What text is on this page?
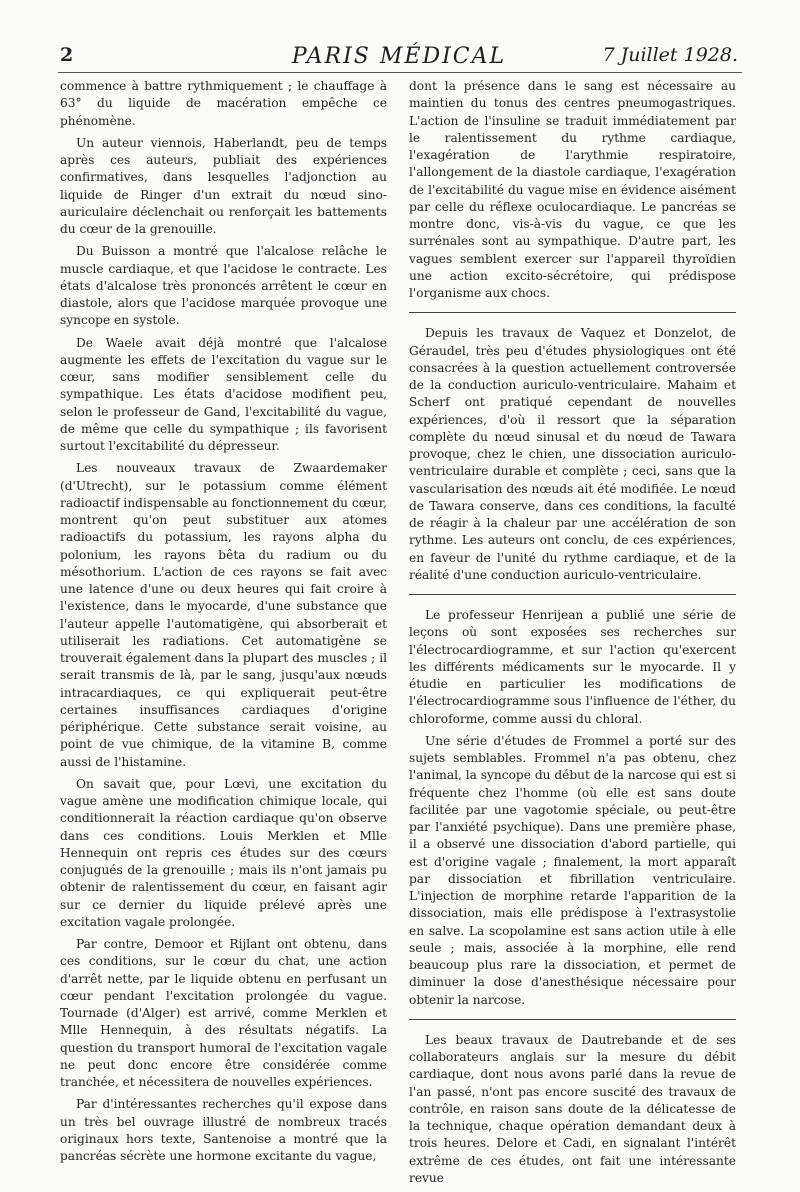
2	PARIS MÉDICAL	7 Juillet 1928.

commence à battre rythmiquement ; le chauffage à 63° du liquide de macération empêche ce phénomène.

Un auteur viennois, Haberlandt, peu de temps après ces auteurs, publiait des expériences confirmatives, dans lesquelles l'adjonction au liquide de Ringer d'un extrait du nœud sino-auriculaire déclenchait ou renforçait les battements du cœur de la grenouille.

Du Buisson a montré que l'alcalose relâche le muscle cardiaque, et que l'acidose le contracte. Les états d'alcalose très prononcés arrêtent le cœur en diastole, alors que l'acidose marquée provoque une syncope en systole.

De Waele avait déjà montré que l'alcalose augmente les effets de l'excitation du vague sur le cœur, sans modifier sensiblement celle du sympathique. Les états d'acidose modifient peu, selon le professeur de Gand, l'excitabilité du vague, de même que celle du sympathique ; ils favorisent surtout l'excitabilité du dépresseur.

Les nouveaux travaux de Zwaardemaker (d'Utrecht), sur le potassium comme élément radioactif indispensable au fonctionnement du cœur, montrent qu'on peut substituer aux atomes radioactifs du potassium, les rayons alpha du polonium, les rayons bêta du radium ou du mésothorium. L'action de ces rayons se fait avec une latence d'une ou deux heures qui fait croire à l'existence, dans le myocarde, d'une substance que l'auteur appelle l'automatigène, qui absorberait et utiliserait les radiations. Cet automatigène se trouverait également dans la plupart des muscles ; il serait transmis de là, par le sang, jusqu'aux nœuds intracardiaques, ce qui expliquerait peut-être certaines insuffisances cardiaques d'origine périphérique. Cette substance serait voisine, au point de vue chimique, de la vitamine B, comme aussi de l'histamine.

On savait que, pour Lœvi, une excitation du vague amène une modification chimique locale, qui conditionnerait la réaction cardiaque qu'on observe dans ces conditions. Louis Merklen et Mlle Hennequin ont repris ces études sur des cœurs conjugués de la grenouille ; mais ils n'ont jamais pu obtenir de ralentissement du cœur, en faisant agir sur ce dernier du liquide prélevé après une excitation vagale prolongée.

Par contre, Demoor et Rijlant ont obtenu, dans ces conditions, sur le cœur du chat, une action d'arrêt nette, par le liquide obtenu en perfusant un cœur pendant l'excitation prolongée du vague. Tournade (d'Alger) est arrivé, comme Merklen et Mlle Hennequin, à des résultats négatifs. La question du transport humoral de l'excitation vagale ne peut donc encore être considérée comme tranchée, et nécessitera de nouvelles expériences.

Par d'intéressantes recherches qu'il expose dans un très bel ouvrage illustré de nombreux tracés originaux hors texte, Santenoise a montré que la pancréas sécrète une hormone excitante du vague,

dont la présence dans le sang est nécessaire au maintien du tonus des centres pneumogastriques. L'action de l'insuline se traduit immédiatement par le ralentissement du rythme cardiaque, l'exagération de l'arythmie respiratoire, l'allongement de la diastole cardiaque, l'exagération de l'excitabilité du vague mise en évidence aisément par celle du réflexe oculocardiaque. Le pancréas se montre donc, vis-à-vis du vague, ce que les surrénales sont au sympathique. D'autre part, les vagues semblent exercer sur l'appareil thyroïdien une action excito-sécrétoire, qui prédispose l'organisme aux chocs.

Depuis les travaux de Vaquez et Donzelot, de Géraudel, très peu d'études physiologiques ont été consacrées à la question actuellement controversée de la conduction auriculo-ventriculaire. Mahaim et Scherf ont pratiqué cependant de nouvelles expériences, d'où il ressort que la séparation complète du nœud sinusal et du nœud de Tawara provoque, chez le chien, une dissociation auriculo-ventriculaire durable et complète ; ceci, sans que la vascularisation des nœuds ait été modifiée. Le nœud de Tawara conserve, dans ces conditions, la faculté de réagir à la chaleur par une accélération de son rythme. Les auteurs ont conclu, de ces expériences, en faveur de l'unité du rythme cardiaque, et de la réalité d'une conduction auriculo-ventriculaire.

Le professeur Henrijean a publié une série de leçons où sont exposées ses recherches sur l'électrocardiogramme, et sur l'action qu'exercent les différents médicaments sur le myocarde. Il y étudie en particulier les modifications de l'électrocardiogramme sous l'influence de l'éther, du chloroforme, comme aussi du chloral.

Une série d'études de Frommel a porté sur des sujets semblables. Frommel n'a pas obtenu, chez l'animal, la syncope du début de la narcose qui est si fréquente chez l'homme (où elle est sans doute facilitée par une vagotomie spéciale, ou peut-être par l'anxiété psychique). Dans une première phase, il a observé une dissociation d'abord partielle, qui est d'origine vagale ; finalement, la mort apparaît par dissociation et fibrillation ventriculaire. L'injection de morphine retarde l'apparition de la dissociation, mais elle prédispose à l'extrasystolie en salve. La scopolamine est sans action utile à elle seule ; mais, associée à la morphine, elle rend beaucoup plus rare la dissociation, et permet de diminuer la dose d'anesthésique nécessaire pour obtenir la narcose.

Les beaux travaux de Dautrebande et de ses collaborateurs anglais sur la mesure du débit cardiaque, dont nous avons parlé dans la revue de l'an passé, n'ont pas encore suscité des travaux de contrôle, en raison sans doute de la délicatesse de la technique, chaque opération demandant deux à trois heures. Delore et Cadi, en signalant l'intérêt extrême de ces études, ont fait une intéressante revue
